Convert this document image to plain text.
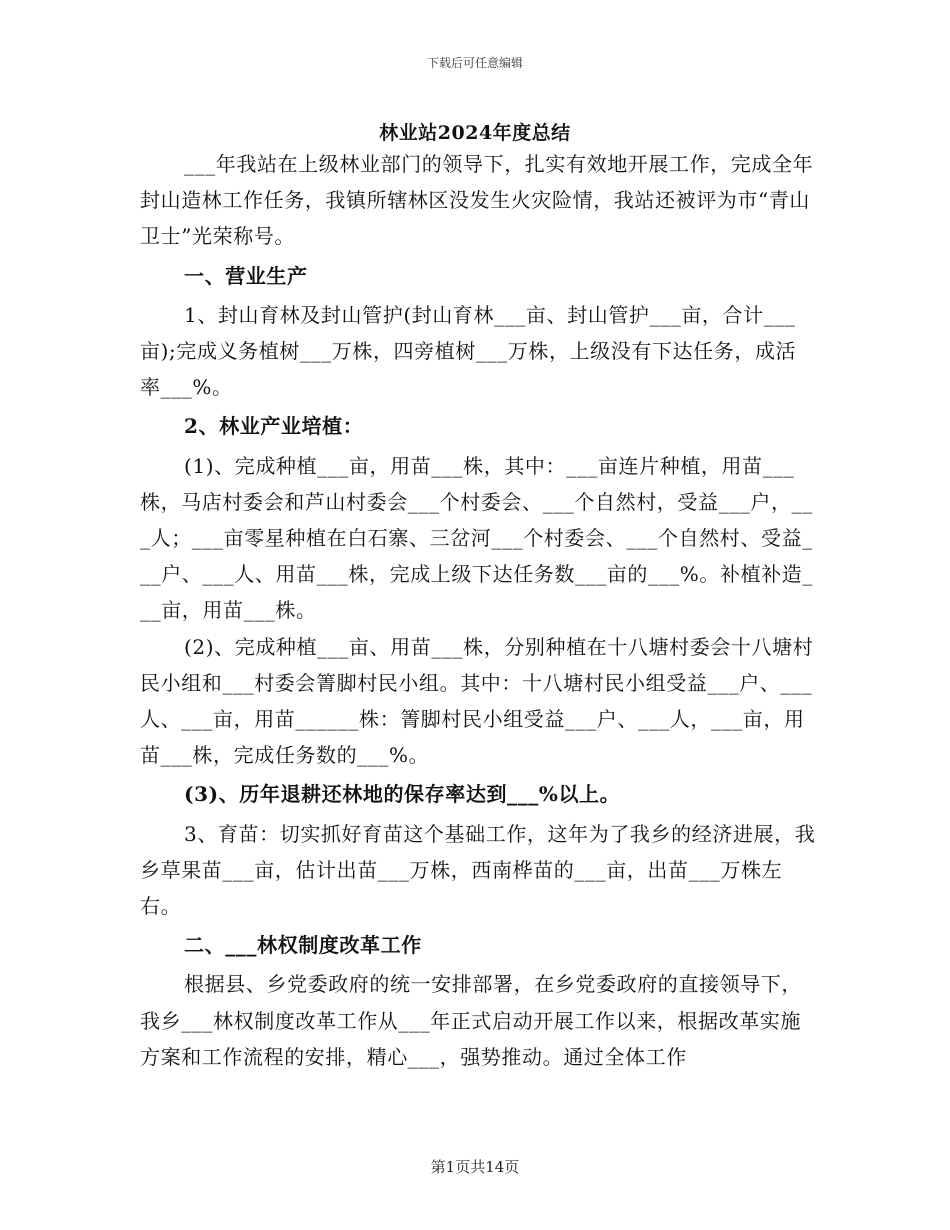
下载后可任意编辑
林业站2024年度总结

___年我站在上级林业部门的领导下，扎实有效地开展工作，完成全年封山造林工作任务，我镇所辖林区没发生火灾险情，我站还被评为市“青山卫士”光荣称号。

一、营业生产

1、封山育林及封山管护(封山育林___亩、封山管护___亩，合计___亩);完成义务植树___万株，四旁植树___万株，上级没有下达任务，成活率___%。

2、林业产业培植：

(1)、完成种植___亩，用苗___株，其中：___亩连片种植，用苗___株，马店村委会和芦山村委会___个村委会、___个自然村，受益___户，___人；___亩零星种植在白石寨、三岔河___个村委会、___个自然村、受益___户、___人、用苗___株，完成上级下达任务数___亩的___%。补植补造___亩，用苗___株。

(2)、完成种植___亩、用苗___株，分别种植在十八塘村委会十八塘村民小组和___村委会箐脚村民小组。其中：十八塘村民小组受益___户、___人、___亩，用苗______株：箐脚村民小组受益___户、___人，___亩，用苗___株，完成任务数的___%。

(3)、历年退耕还林地的保存率达到___%以上。

3、育苗：切实抓好育苗这个基础工作，这年为了我乡的经济进展，我乡草果苗___亩，估计出苗___万株，西南桦苗的___亩，出苗___万株左右。

二、___林权制度改革工作

根据县、乡党委政府的统一安排部署，在乡党委政府的直接领导下，我乡___林权制度改革工作从___年正式启动开展工作以来，根据改革实施方案和工作流程的安排，精心___，强势推动。通过全体工作

第1页共14页
